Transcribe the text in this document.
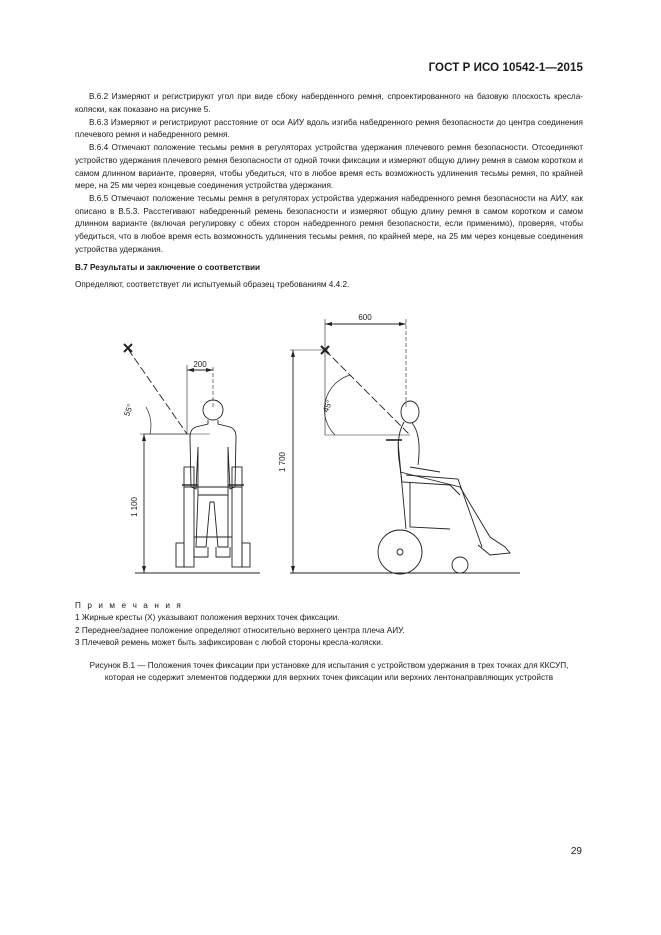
ГОСТ Р ИСО 10542-1—2015

В.6.2 Измеряют и регистрируют угол при виде сбоку наберденного ремня, спроектированного на базовую плоскость кресла-коляски, как показано на рисунке 5.

В.6.3 Измеряют и регистрируют расстояние от оси АИУ вдоль изгиба набедренного ремня безопасности до центра соединения плечевого ремня и набедренного ремня.

В.6.4 Отмечают положение тесьмы ремня в регуляторах устройства удержания плечевого ремня безопасности. Отсоединяют устройство удержания плечевого ремня безопасности от одной точки фиксации и измеряют общую длину ремня в самом коротком и самом длинном варианте, проверяя, чтобы убедиться, что в любое время есть возможность удлинения тесьмы ремня, по крайней мере, на 25 мм через концевые соединения устройства удержания.

В.6.5 Отмечают положение тесьмы ремня в регуляторах устройства удержания набедренного ремня безопасности на АИУ, как описано в В.5.3. Расстегивают набедренный ремень безопасности и измеряют общую длину ремня в самом коротком и самом длинном варианте (включая регулировку с обеих сторон набедренного ремня безопасности, если применимо), проверяя, чтобы убедиться, что в любое время есть возможность удлинения тесьмы ремня, по крайней мере, на 25 мм через концевые соединения устройства удержания.

В.7 Результаты и заключение о соответствии

Определяют, соответствует ли испытуемый образец требованиям 4.4.2.

200
1 100
55°
600
1 700
45°
П р и м е ч а н и я
1 Жирные кресты (X) указывают положения верхних точек фиксации.
2 Переднее/заднее положение определяют относительно верхнего центра плеча АИУ.
3 Плечевой ремень может быть зафиксирован с любой стороны кресла-коляски.
Рисунок В.1 — Положения точек фиксации при установке для испытания с устройством удержания в трех точках для ККСУП, которая не содержит элементов поддержки для верхних точек фиксации или верхних лентонаправляющих устройств
29
